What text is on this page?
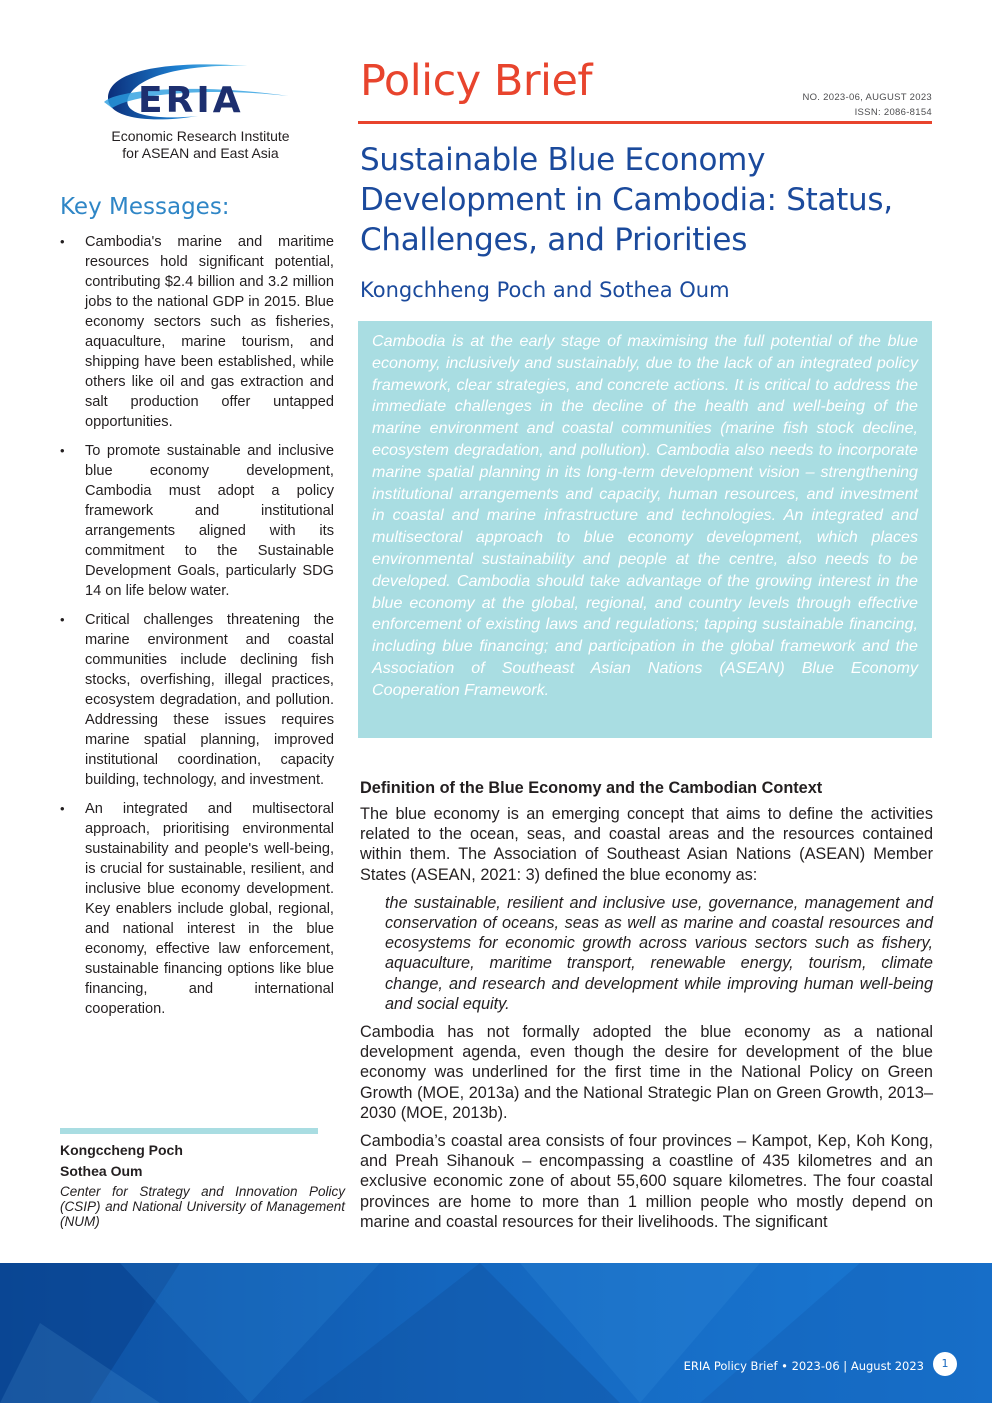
ERIA
Economic Research Institute
for ASEAN and East Asia
Policy Brief	NO. 2023-06, AUGUST 2023
ISSN: 2086-8154
Sustainable Blue Economy Development in Cambodia: Status, Challenges, and Priorities
Kongchheng Poch and Sothea Oum

Cambodia is at the early stage of maximising the full potential of the blue economy, inclusively and sustainably, due to the lack of an integrated policy framework, clear strategies, and concrete actions. It is critical to address the immediate challenges in the decline of the health and well-being of the marine environment and coastal communities (marine fish stock decline, ecosystem degradation, and pollution). Cambodia also needs to incorporate marine spatial planning in its long-term development vision – strengthening institutional arrangements and capacity, human resources, and investment in coastal and marine infrastructure and technologies. An integrated and multisectoral approach to blue economy development, which places environmental sustainability and people at the centre, also needs to be developed. Cambodia should take advantage of the growing interest in the blue economy at the global, regional, and country levels through effective enforcement of existing laws and regulations; tapping sustainable financing, including blue financing; and participation in the global framework and the Association of Southeast Asian Nations (ASEAN) Blue Economy Cooperation Framework.

Key Messages:
• Cambodia's marine and maritime resources hold significant potential, contributing $2.4 billion and 3.2 million jobs to the national GDP in 2015. Blue economy sectors such as fisheries, aquaculture, marine tourism, and shipping have been established, while others like oil and gas extraction and salt production offer untapped opportunities.
• To promote sustainable and inclusive blue economy development, Cambodia must adopt a policy framework and institutional arrangements aligned with its commitment to the Sustainable Development Goals, particularly SDG 14 on life below water.
• Critical challenges threatening the marine environment and coastal communities include declining fish stocks, overfishing, illegal practices, ecosystem degradation, and pollution. Addressing these issues requires marine spatial planning, improved institutional coordination, capacity building, technology, and investment.
• An integrated and multisectoral approach, prioritising environmental sustainability and people's well-being, is crucial for sustainable, resilient, and inclusive blue economy development. Key enablers include global, regional, and national interest in the blue economy, effective law enforcement, sustainable financing options like blue financing, and international cooperation.
Kongccheng Poch
Sothea Oum
Center for Strategy and Innovation Policy (CSIP) and National University of Management (NUM)
Definition of the Blue Economy and the Cambodian Context

The blue economy is an emerging concept that aims to define the activities related to the ocean, seas, and coastal areas and the resources contained within them. The Association of Southeast Asian Nations (ASEAN) Member States (ASEAN, 2021: 3) defined the blue economy as:

the sustainable, resilient and inclusive use, governance, management and conservation of oceans, seas as well as marine and coastal resources and ecosystems for economic growth across various sectors such as fishery, aquaculture, maritime transport, renewable energy, tourism, climate change, and research and development while improving human well-being and social equity.

Cambodia has not formally adopted the blue economy as a national development agenda, even though the desire for development of the blue economy was underlined for the first time in the National Policy on Green Growth (MOE, 2013a) and the National Strategic Plan on Green Growth, 2013–2030 (MOE, 2013b).

Cambodia’s coastal area consists of four provinces – Kampot, Kep, Koh Kong, and Preah Sihanouk – encompassing a coastline of 435 kilometres and an exclusive economic zone of about 55,600 square kilometres. The four coastal provinces are home to more than 1 million people who mostly depend on marine and coastal resources for their livelihoods. The significant

ERIA Policy Brief • 2023-06 | August 2023	1
